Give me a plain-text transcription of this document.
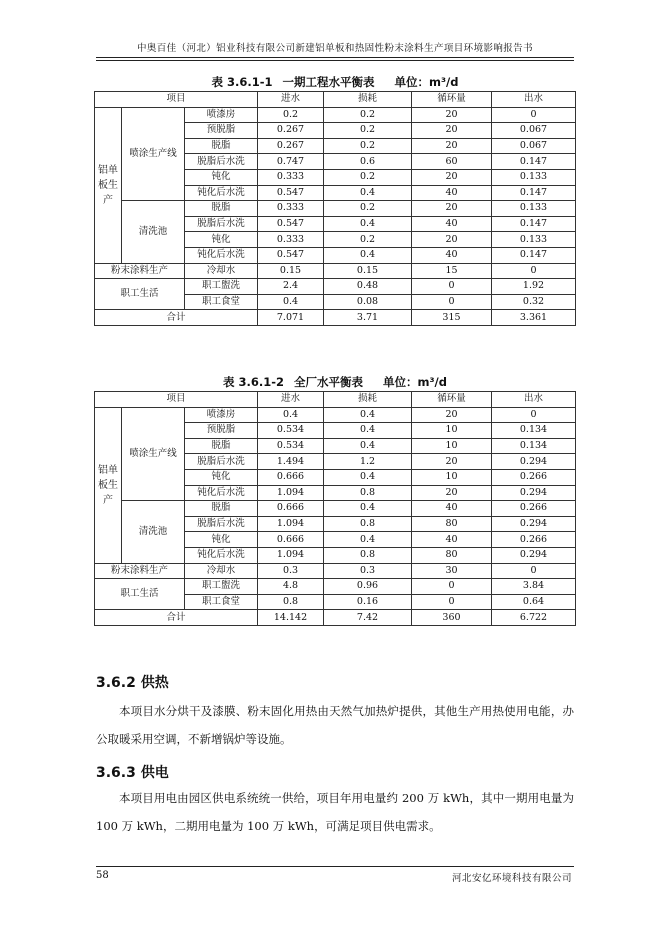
中奥百佳（河北）铝业科技有限公司新建铝单板和热固性粉末涂料生产项目环境影响报告书
表 3.6.1-1 一期工程水平衡表 单位：m³/d
项目			进水	损耗	循环量	出水
铝单板生产	喷涂生产线	喷漆房	0.2	0.2	20	0
		预脱脂	0.267	0.2	20	0.067
		脱脂	0.267	0.2	20	0.067
		脱脂后水洗	0.747	0.6	60	0.147
		钝化	0.333	0.2	20	0.133
		钝化后水洗	0.547	0.4	40	0.147
	清洗池	脱脂	0.333	0.2	20	0.133
		脱脂后水洗	0.547	0.4	40	0.147
		钝化	0.333	0.2	20	0.133
		钝化后水洗	0.547	0.4	40	0.147
粉末涂料生产		冷却水	0.15	0.15	15	0
职工生活		职工盥洗	2.4	0.48	0	1.92
		职工食堂	0.4	0.08	0	0.32
合计			7.071	3.71	315	3.361
表 3.6.1-2 全厂水平衡表 单位：m³/d
项目			进水	损耗	循环量	出水
铝单板生产	喷涂生产线	喷漆房	0.4	0.4	20	0
		预脱脂	0.534	0.4	10	0.134
		脱脂	0.534	0.4	10	0.134
		脱脂后水洗	1.494	1.2	20	0.294
		钝化	0.666	0.4	10	0.266
		钝化后水洗	1.094	0.8	20	0.294
	清洗池	脱脂	0.666	0.4	40	0.266
		脱脂后水洗	1.094	0.8	80	0.294
		钝化	0.666	0.4	40	0.266
		钝化后水洗	1.094	0.8	80	0.294
粉末涂料生产		冷却水	0.3	0.3	30	0
职工生活		职工盥洗	4.8	0.96	0	3.84
		职工食堂	0.8	0.16	0	0.64
合计			14.142	7.42	360	6.722
3.6.2 供热
本项目水分烘干及漆膜、粉末固化用热由天然气加热炉提供，其他生产用热使用电能，办公取暖采用空调，不新增锅炉等设施。
3.6.3 供电
本项目用电由园区供电系统统一供给，项目年用电量约 200 万 kWh，其中一期用电量为 100 万 kWh，二期用电量为 100 万 kWh，可满足项目供电需求。
58	河北安亿环境科技有限公司
